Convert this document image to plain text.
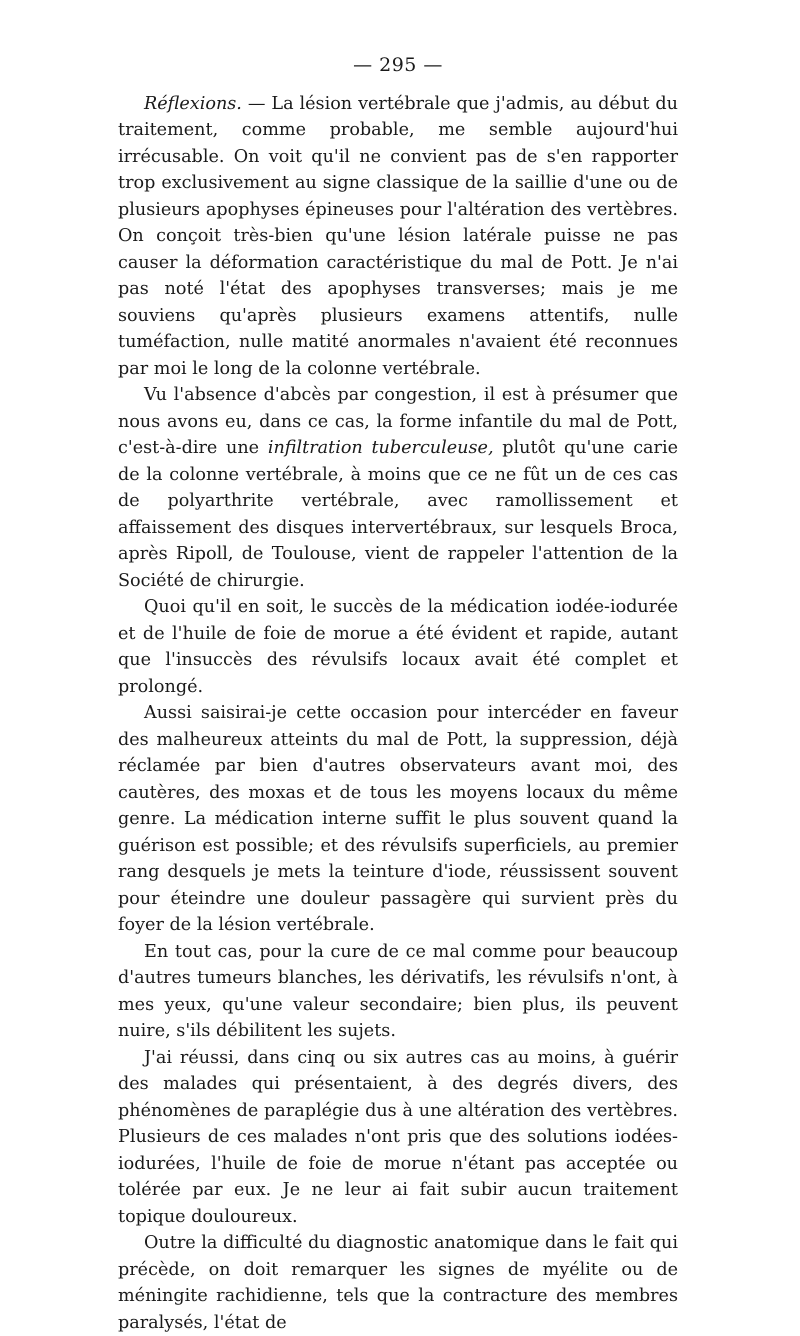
— 295 —

Réflexions. — La lésion vertébrale que j'admis, au début du traitement, comme probable, me semble aujourd'hui irrécusable. On voit qu'il ne convient pas de s'en rapporter trop exclusivement au signe classique de la saillie d'une ou de plusieurs apophyses épineuses pour l'altération des vertèbres. On conçoit très-bien qu'une lésion latérale puisse ne pas causer la déformation caractéristique du mal de Pott. Je n'ai pas noté l'état des apophyses transverses; mais je me souviens qu'après plusieurs examens attentifs, nulle tuméfaction, nulle matité anormales n'avaient été reconnues par moi le long de la colonne vertébrale.

Vu l'absence d'abcès par congestion, il est à présumer que nous avons eu, dans ce cas, la forme infantile du mal de Pott, c'est-à-dire une infiltration tuberculeuse, plutôt qu'une carie de la colonne vertébrale, à moins que ce ne fût un de ces cas de polyarthrite vertébrale, avec ramollissement et affaissement des disques intervertébraux, sur lesquels Broca, après Ripoll, de Toulouse, vient de rappeler l'attention de la Société de chirurgie.

Quoi qu'il en soit, le succès de la médication iodée-iodurée et de l'huile de foie de morue a été évident et rapide, autant que l'insuccès des révulsifs locaux avait été complet et prolongé.

Aussi saisirai-je cette occasion pour intercéder en faveur des malheureux atteints du mal de Pott, la suppression, déjà réclamée par bien d'autres observateurs avant moi, des cautères, des moxas et de tous les moyens locaux du même genre. La médication interne suffit le plus souvent quand la guérison est possible; et des révulsifs superficiels, au premier rang desquels je mets la teinture d'iode, réussissent souvent pour éteindre une douleur passagère qui survient près du foyer de la lésion vertébrale.

En tout cas, pour la cure de ce mal comme pour beaucoup d'autres tumeurs blanches, les dérivatifs, les révulsifs n'ont, à mes yeux, qu'une valeur secondaire; bien plus, ils peuvent nuire, s'ils débilitent les sujets.

J'ai réussi, dans cinq ou six autres cas au moins, à guérir des malades qui présentaient, à des degrés divers, des phénomènes de paraplégie dus à une altération des vertèbres. Plusieurs de ces malades n'ont pris que des solutions iodées-iodurées, l'huile de foie de morue n'étant pas acceptée ou tolérée par eux. Je ne leur ai fait subir aucun traitement topique douloureux.

Outre la difficulté du diagnostic anatomique dans le fait qui précède, on doit remarquer les signes de myélite ou de méningite rachidienne, tels que la contracture des membres paralysés, l'état de
